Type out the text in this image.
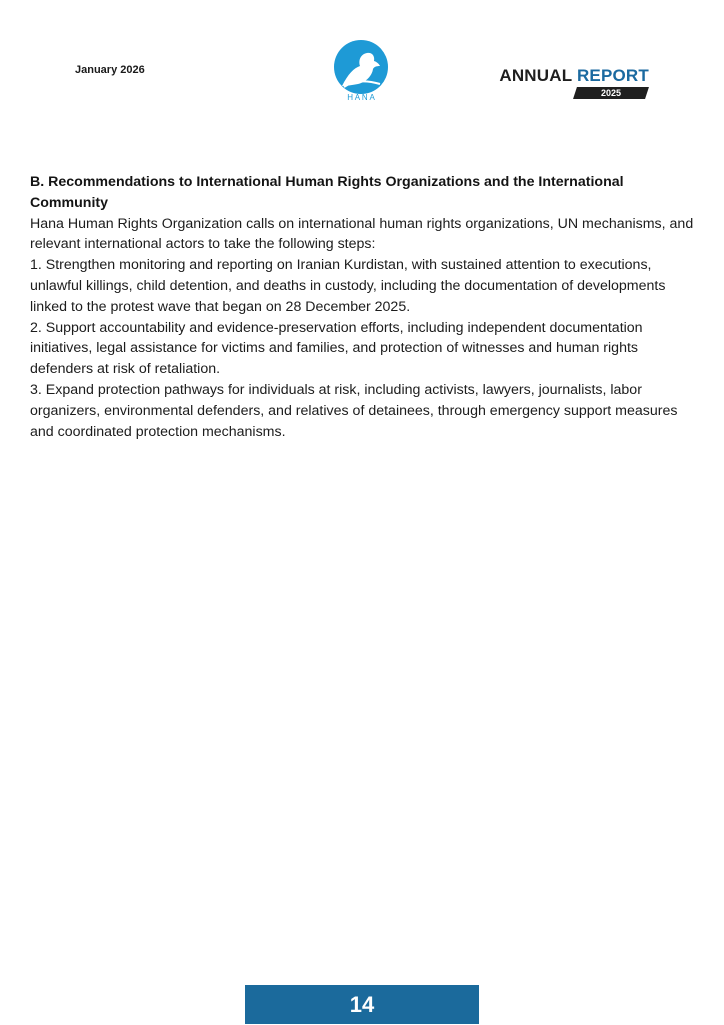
January 2026
H A N A
ANNUAL REPORT
2025

B. Recommendations to International Human Rights Organizations and the International Community

Hana Human Rights Organization calls on international human rights organizations, UN mechanisms, and relevant international actors to take the following steps:

1. Strengthen monitoring and reporting on Iranian Kurdistan, with sustained attention to executions, unlawful killings, child detention, and deaths in custody, including the documentation of developments linked to the protest wave that began on 28 December 2025.

2. Support accountability and evidence-preservation efforts, including independent documentation initiatives, legal assistance for victims and families, and protection of witnesses and human rights defenders at risk of retaliation.

3. Expand protection pathways for individuals at risk, including activists, lawyers, journalists, labor organizers, environmental defenders, and relatives of detainees, through emergency support measures and coordinated protection mechanisms.

14
